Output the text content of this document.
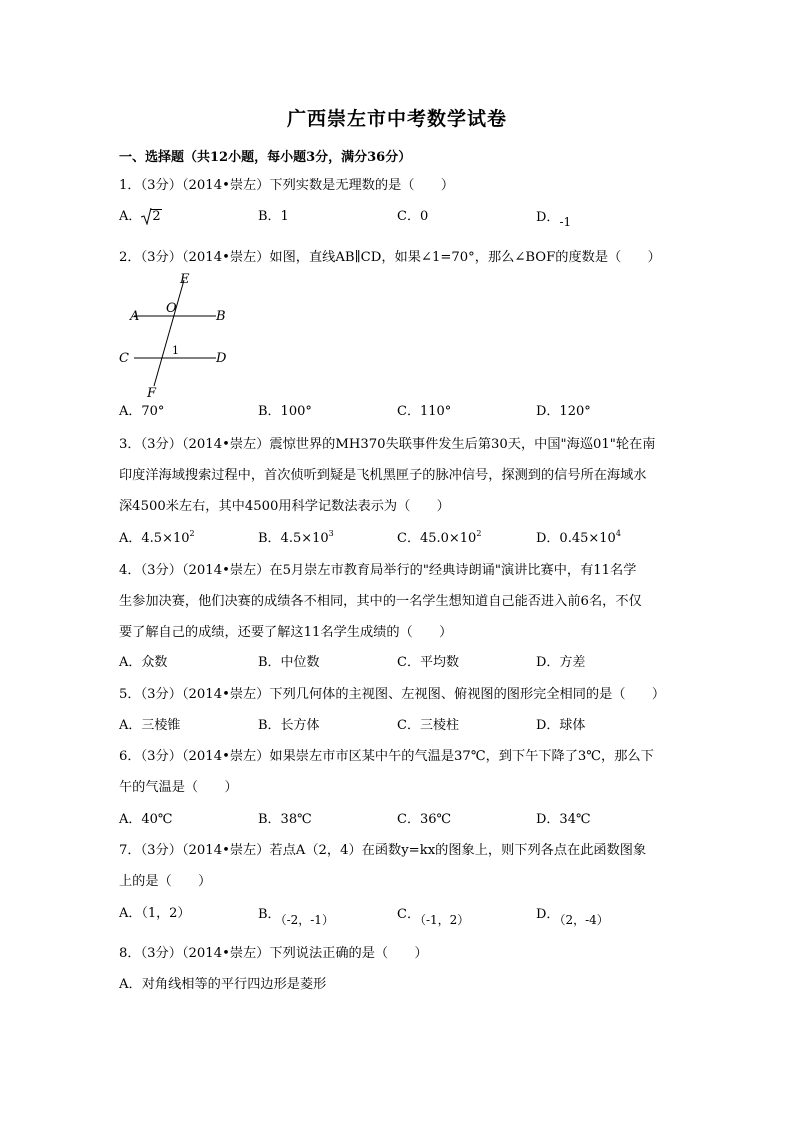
广西崇左市中考数学试卷
一、选择题（共12小题，每小题3分，满分36分）
1．（3分）（2014•崇左）下列实数是无理数的是（　　）
A． 2	B．1	C．0	D．-1
2．（3分）（2014•崇左）如图，直线AB∥CD，如果∠1=70°，那么∠BOF的度数是（　　）
E
O
A	B
C
1
D
F
A．70°	B．100°	C．110°	D．120°
3．（3分）（2014•崇左）震惊世界的MH370失联事件发生后第30天，中国"海巡01"轮在南
印度洋海域搜索过程中，首次侦听到疑是飞机黑匣子的脉冲信号，探测到的信号所在海域水
深4500米左右，其中4500用科学记数法表示为（　　）
A．$4.5\times 10^2$	B．$4.5\times 10^3$	C．$45.0\times 10^2$	D．$0.45\times 10^4$
4．（3分）（2014•崇左）在5月崇左市教育局举行的"经典诗朗诵"演讲比赛中，有11名学
生参加决赛，他们决赛的成绩各不相同，其中的一名学生想知道自己能否进入前6名，不仅
要了解自己的成绩，还要了解这11名学生成绩的（　　）
A．众数	B．中位数	C．平均数	D．方差
5．（3分）（2014•崇左）下列几何体的主视图、左视图、俯视图的图形完全相同的是（　　）
A．三棱锥	B．长方体	C．三棱柱	D．球体
6．（3分）（2014•崇左）如果崇左市市区某中午的气温是37℃，到下午下降了3℃，那么下
午的气温是（　　）
A．40℃	B．38℃	C．36℃	D．34℃
7．（3分）（2014•崇左）若点A（2，4）在函数y=kx的图象上，则下列各点在此函数图象
上的是（　　）
A．（1，2）	B．（-2，-1）	C．（-1，2）	D．（2，-4）
8．（3分）（2014•崇左）下列说法正确的是（　　）
A．对角线相等的平行四边形是菱形
